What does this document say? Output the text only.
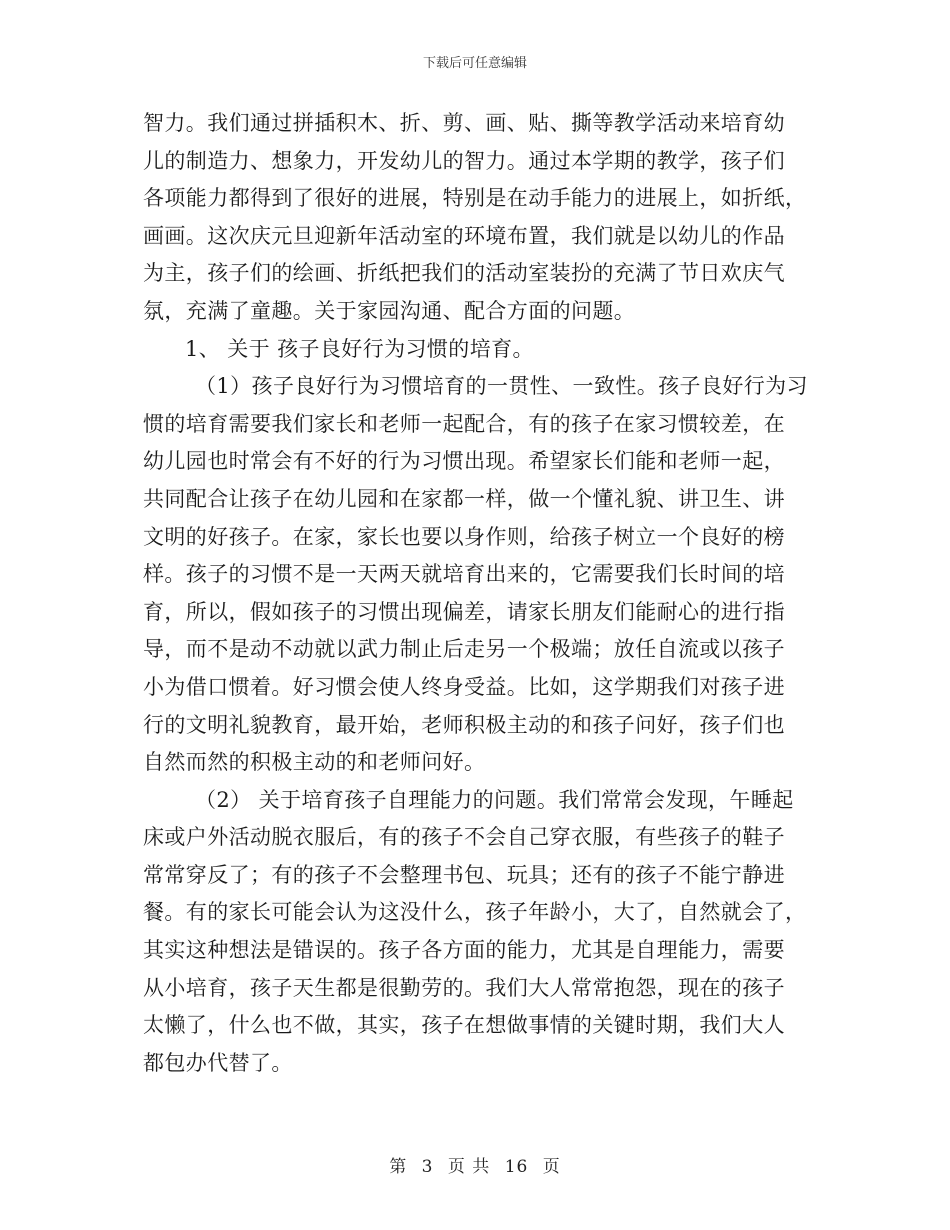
下载后可任意编辑
智力。我们通过拼插积木、折、剪、画、贴、撕等教学活动来培育幼
儿的制造力、想象力，开发幼儿的智力。通过本学期的教学，孩子们
各项能力都得到了很好的进展，特别是在动手能力的进展上，如折纸，
画画。这次庆元旦迎新年活动室的环境布置，我们就是以幼儿的作品
为主，孩子们的绘画、折纸把我们的活动室装扮的充满了节日欢庆气
氛，充满了童趣。关于家园沟通、配合方面的问题。
1、 关于 孩子良好行为习惯的培育。
（1）孩子良好行为习惯培育的一贯性、一致性。孩子良好行为习
惯的培育需要我们家长和老师一起配合，有的孩子在家习惯较差，在
幼儿园也时常会有不好的行为习惯出现。希望家长们能和老师一起，
共同配合让孩子在幼儿园和在家都一样，做一个懂礼貌、讲卫生、讲
文明的好孩子。在家，家长也要以身作则，给孩子树立一个良好的榜
样。孩子的习惯不是一天两天就培育出来的，它需要我们长时间的培
育，所以，假如孩子的习惯出现偏差，请家长朋友们能耐心的进行指
导，而不是动不动就以武力制止后走另一个极端；放任自流或以孩子
小为借口惯着。好习惯会使人终身受益。比如，这学期我们对孩子进
行的文明礼貌教育，最开始，老师积极主动的和孩子问好，孩子们也
自然而然的积极主动的和老师问好。
（2） 关于培育孩子自理能力的问题。我们常常会发现，午睡起
床或户外活动脱衣服后，有的孩子不会自己穿衣服，有些孩子的鞋子
常常穿反了；有的孩子不会整理书包、玩具；还有的孩子不能宁静进
餐。有的家长可能会认为这没什么，孩子年龄小，大了，自然就会了，
其实这种想法是错误的。孩子各方面的能力，尤其是自理能力，需要
从小培育，孩子天生都是很勤劳的。我们大人常常抱怨，现在的孩子
太懒了，什么也不做，其实，孩子在想做事情的关键时期，我们大人
都包办代替了。
第 3 页 共 16 页
